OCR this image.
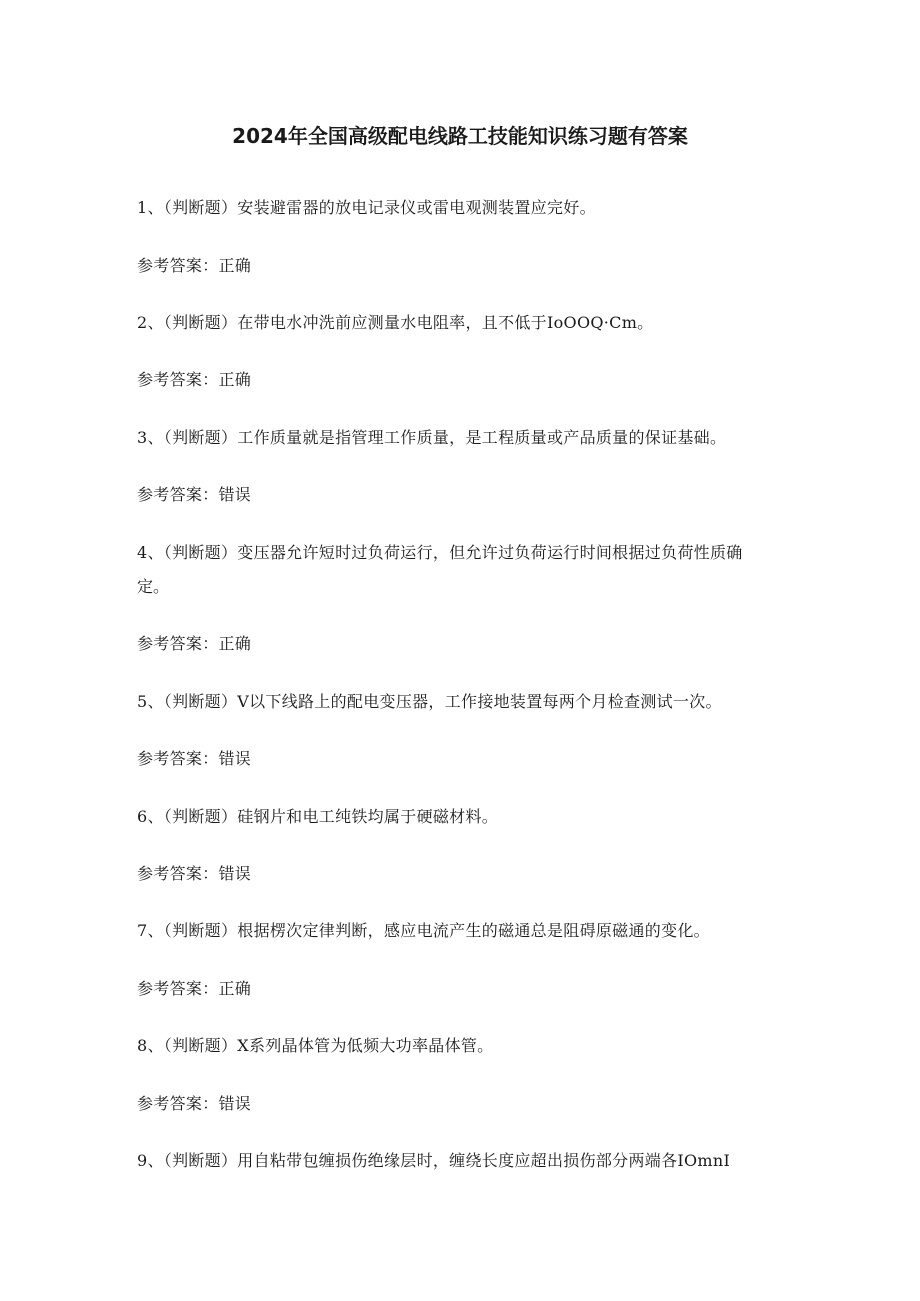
2024年全国高级配电线路工技能知识练习题有答案
1、（判断题）安装避雷器的放电记录仪或雷电观测装置应完好。
参考答案：正确
2、（判断题）在带电水冲洗前应测量水电阻率，且不低于IoOOQ·Cm。
参考答案：正确
3、（判断题）工作质量就是指管理工作质量，是工程质量或产品质量的保证基础。
参考答案：错误
4、（判断题）变压器允许短时过负荷运行，但允许过负荷运行时间根据过负荷性质确
定。
参考答案：正确
5、（判断题）V以下线路上的配电变压器，工作接地装置每两个月检查测试一次。
参考答案：错误
6、（判断题）硅钢片和电工纯铁均属于硬磁材料。
参考答案：错误
7、（判断题）根据楞次定律判断，感应电流产生的磁通总是阻碍原磁通的变化。
参考答案：正确
8、（判断题）X系列晶体管为低频大功率晶体管。
参考答案：错误
9、（判断题）用自粘带包缠损伤绝缘层时，缠绕长度应超出损伤部分两端各IOmnI
